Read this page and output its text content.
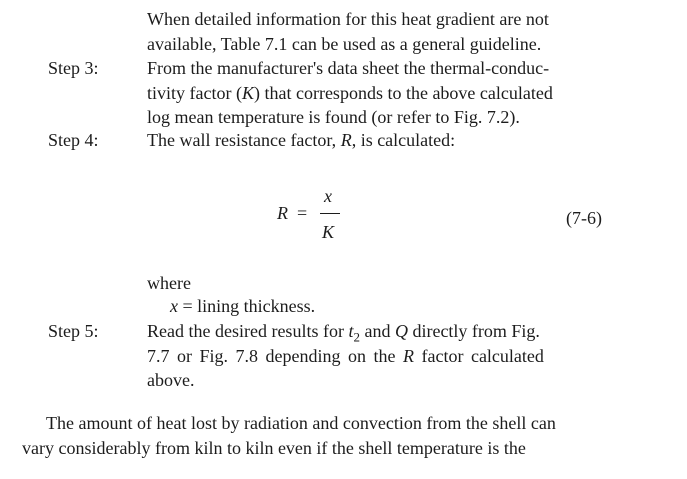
When detailed information for this heat gradient are not
available, Table 7.1 can be used as a general guideline.
Step 3:	From the manufacturer's data sheet the thermal-conduc-
tivity factor (K) that corresponds to the above calculated
log mean temperature is found (or refer to Fig. 7.2).
Step 4:	The wall resistance factor, R, is calculated:
R =
x
K
(7-6)
where
x = lining thickness.
Step 5:	Read the desired results for $t_2$ and Q directly from Fig.
7.7 or Fig. 7.8 depending on the R factor calculated
above.
The amount of heat lost by radiation and convection from the shell can
vary considerably from kiln to kiln even if the shell temperature is the
